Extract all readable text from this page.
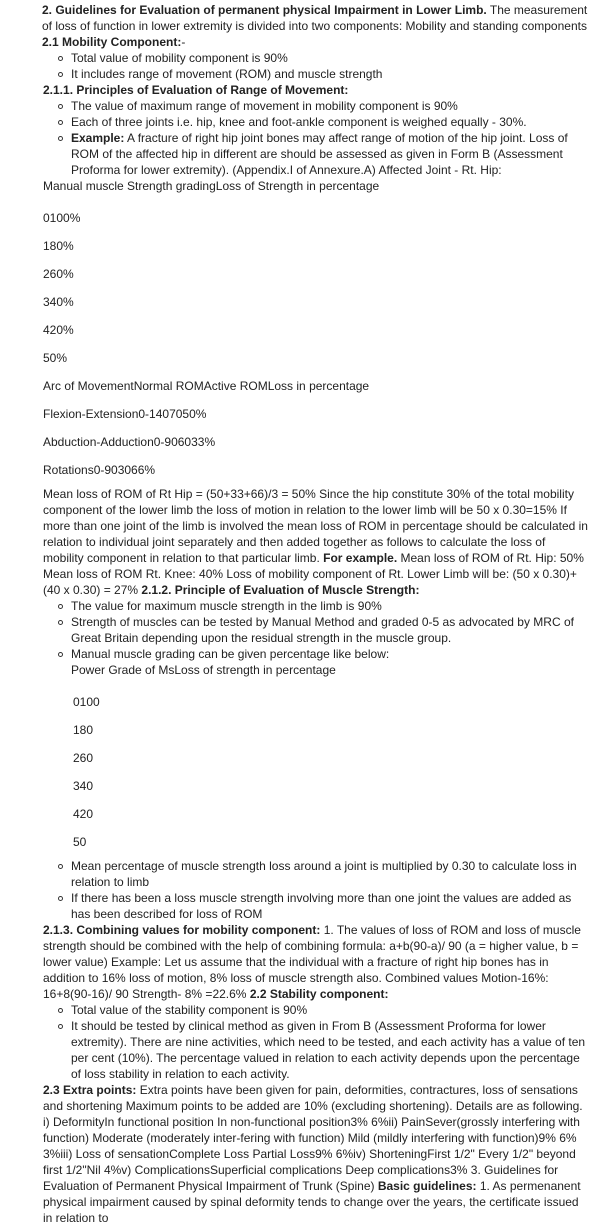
2. Guidelines for Evaluation of permanent physical Impairment in Lower Limb. The measurement of loss of function in lower extremity is divided into two components: Mobility and standing components 2.1 Mobility Component:-

Total value of mobility component is 90%
It includes range of movement (ROM) and muscle strength

2.1.1. Principles of Evaluation of Range of Movement:

The value of maximum range of movement in mobility component is 90%
Each of three joints i.e. hip, knee and foot-ankle component is weighed equally - 30%.
Example: A fracture of right hip joint bones may affect range of motion of the hip joint. Loss of ROM of the affected hip in different are should be assessed as given in Form B (Assessment Proforma for lower extremity). (Appendix.I of Annexure.A) Affected Joint - Rt. Hip:

Manual muscle Strength gradingLoss of Strength in percentage

0100%

180%

260%

340%

420%

50%

Arc of MovementNormal ROMActive ROMLoss in percentage

Flexion-Extension0-1407050%

Abduction-Adduction0-906033%

Rotations0-903066%

Mean loss of ROM of Rt Hip = (50+33+66)/3 = 50% Since the hip constitute 30% of the total mobility component of the lower limb the loss of motion in relation to the lower limb will be 50 x 0.30=15% If more than one joint of the limb is involved the mean loss of ROM in percentage should be calculated in relation to individual joint separately and then added together as follows to calculate the loss of mobility component in relation to that particular limb. For example. Mean loss of ROM of Rt. Hip: 50% Mean loss of ROM Rt. Knee: 40% Loss of mobility component of Rt. Lower Limb will be: (50 x 0.30)+(40 x 0.30) = 27% 2.1.2. Principle of Evaluation of Muscle Strength:

The value for maximum muscle strength in the limb is 90%
Strength of muscles can be tested by Manual Method and graded 0-5 as advocated by MRC of Great Britain depending upon the residual strength in the muscle group.
Manual muscle grading can be given percentage like below:

Power Grade of MsLoss of strength in percentage

0100

180

260

340

420

50

Mean percentage of muscle strength loss around a joint is multiplied by 0.30 to calculate loss in relation to limb
If there has been a loss muscle strength involving more than one joint the values are added as has been described for loss of ROM

2.1.3. Combining values for mobility component: 1. The values of loss of ROM and loss of muscle strength should be combined with the help of combining formula: a+b(90-a)/ 90 (a = higher value, b = lower value) Example: Let us assume that the individual with a fracture of right hip bones has in addition to 16% loss of motion, 8% loss of muscle strength also. Combined values Motion-16%: 16+8(90-16)/ 90 Strength- 8% =22.6% 2.2 Stability component:

Total value of the stability component is 90%
It should be tested by clinical method as given in From B (Assessment Proforma for lower extremity). There are nine activities, which need to be tested, and each activity has a value of ten per cent (10%). The percentage valued in relation to each activity depends upon the percentage of loss stability in relation to each activity.

2.3 Extra points: Extra points have been given for pain, deformities, contractures, loss of sensations and shortening Maximum points to be added are 10% (excluding shortening). Details are as following. i) DeformityIn functional position In non-functional position3% 6%ii) PainSever(grossly interfering with function) Moderate (moderately inter-fering with function) Mild (mildly interfering with function)9% 6% 3%iii) Loss of sensationComplete Loss Partial Loss9% 6%iv) ShorteningFirst 1/2" Every 1/2" beyond first 1/2"Nil 4%v) ComplicationsSuperficial complications Deep complications3% 3. Guidelines for Evaluation of Permanent Physical Impairment of Trunk (Spine) Basic guidelines: 1. As permenanent physical impairment caused by spinal deformity tends to change over the years, the certificate issued in relation to
